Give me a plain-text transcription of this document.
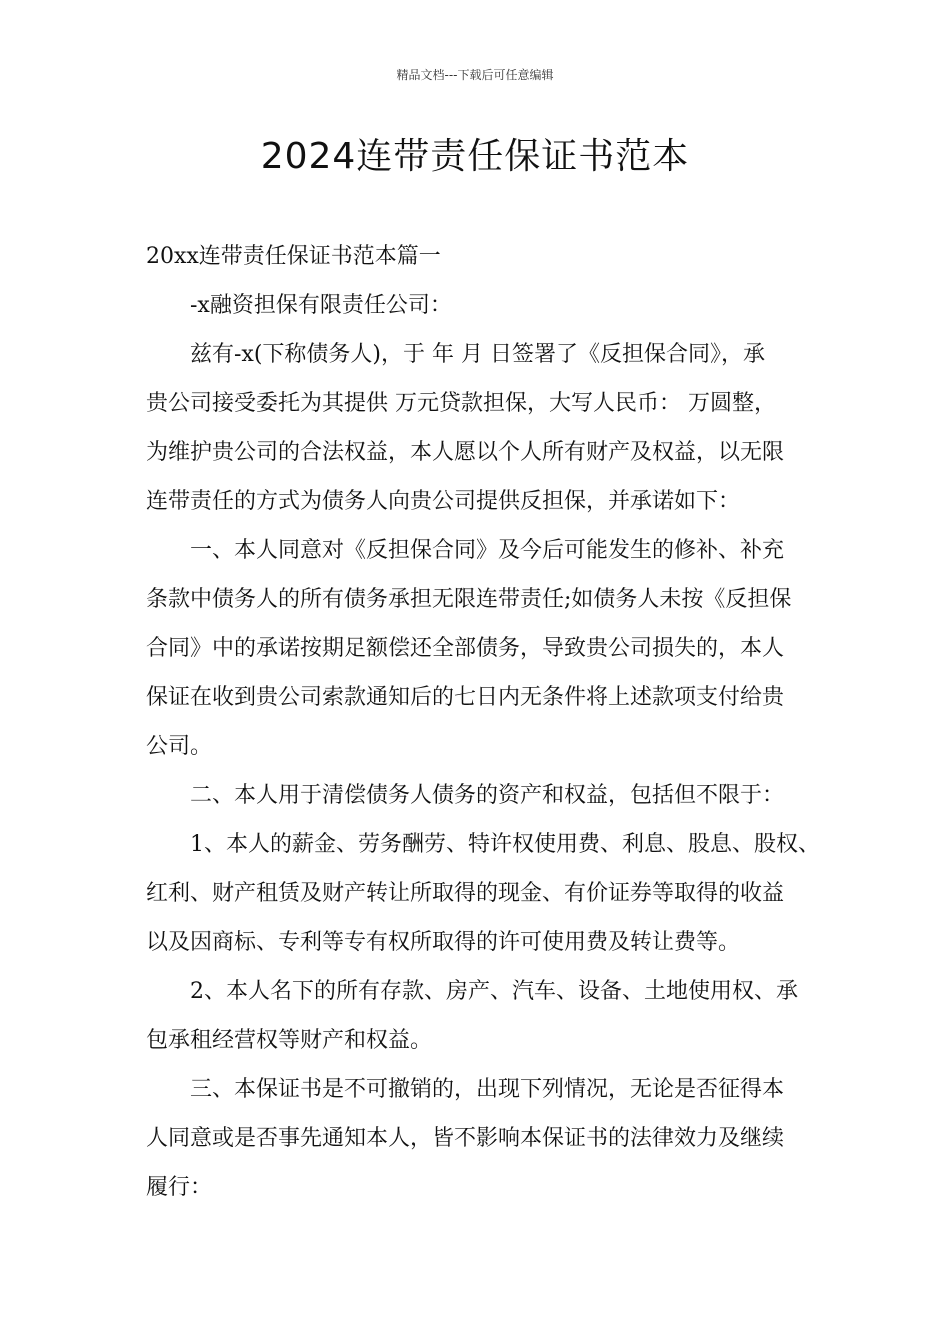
精品文档---下载后可任意编辑
2024连带责任保证书范本
20xx连带责任保证书范本篇一
-x融资担保有限责任公司：
兹有-x(下称债务人)，于 年 月 日签署了《反担保合同》，承
贵公司接受委托为其提供 万元贷款担保，大写人民币： 万圆整，
为维护贵公司的合法权益，本人愿以个人所有财产及权益，以无限
连带责任的方式为债务人向贵公司提供反担保，并承诺如下：
一、本人同意对《反担保合同》及今后可能发生的修补、补充
条款中债务人的所有债务承担无限连带责任;如债务人未按《反担保
合同》中的承诺按期足额偿还全部债务，导致贵公司损失的，本人
保证在收到贵公司索款通知后的七日内无条件将上述款项支付给贵
公司。
二、本人用于清偿债务人债务的资产和权益，包括但不限于：
1、本人的薪金、劳务酬劳、特许权使用费、利息、股息、股权、
红利、财产租赁及财产转让所取得的现金、有价证券等取得的收益
以及因商标、专利等专有权所取得的许可使用费及转让费等。
2、本人名下的所有存款、房产、汽车、设备、土地使用权、承
包承租经营权等财产和权益。
三、本保证书是不可撤销的，出现下列情况，无论是否征得本
人同意或是否事先通知本人，皆不影响本保证书的法律效力及继续
履行：
